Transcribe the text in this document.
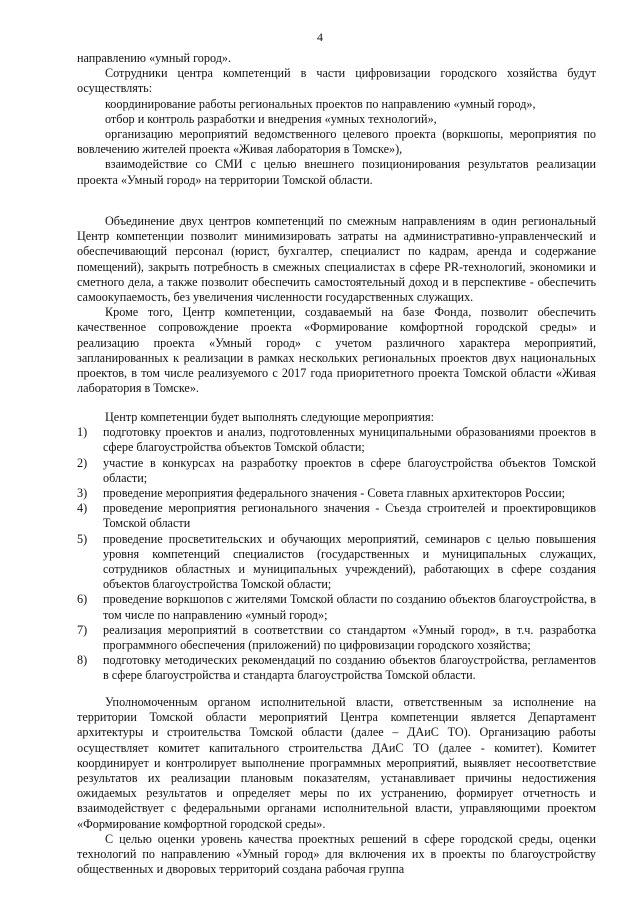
4

направлению «умный город».

Сотрудники центра компетенций в части цифровизации городского хозяйства будут осуществлять:

координирование работы региональных проектов по направлению «умный город»,

отбор и контроль разработки и внедрения «умных технологий»,

организацию мероприятий ведомственного целевого проекта (воркшопы, мероприятия по вовлечению жителей проекта «Живая лаборатория в Томске»),

взаимодействие со СМИ с целью внешнего позиционирования результатов реализации проекта «Умный город» на территории Томской области.

Объединение двух центров компетенций по смежным направлениям в один региональный Центр компетенции позволит минимизировать затраты на административно-управленческий и обеспечивающий персонал (юрист, бухгалтер, специалист по кадрам, аренда и содержание помещений), закрыть потребность в смежных специалистах в сфере PR-технологий, экономики и сметного дела, а также позволит обеспечить самостоятельный доход и в перспективе - обеспечить самоокупаемость, без увеличения численности государственных служащих.

Кроме того, Центр компетенции, создаваемый на базе Фонда, позволит обеспечить качественное сопровождение проекта «Формирование комфортной городской среды» и реализацию проекта «Умный город» с учетом различного характера мероприятий, запланированных к реализации в рамках нескольких региональных проектов двух национальных проектов, в том числе реализуемого с 2017 года приоритетного проекта Томской области «Живая лаборатория в Томске».

Центр компетенции будет выполнять следующие мероприятия:

1) подготовку проектов и анализ, подготовленных муниципальными образованиями проектов в сфере благоустройства объектов Томской области;
2) участие в конкурсах на разработку проектов в сфере благоустройства объектов Томской области;
3) проведение мероприятия федерального значения - Совета главных архитекторов России;
4) проведение мероприятия регионального значения - Съезда строителей и проектировщиков Томской области
5) проведение просветительских и обучающих мероприятий, семинаров с целью повышения уровня компетенций специалистов (государственных и муниципальных служащих, сотрудников областных и муниципальных учреждений), работающих в сфере создания объектов благоустройства Томской области;
6) проведение воркшопов с жителями Томской области по созданию объектов благоустройства, в том числе по направлению «умный город»;
7) реализация мероприятий в соответствии со стандартом «Умный город», в т.ч. разработка программного обеспечения (приложений) по цифровизации городского хозяйства;
8) подготовку методических рекомендаций по созданию объектов благоустройства, регламентов в сфере благоустройства и стандарта благоустройства Томской области.

Уполномоченным органом исполнительной власти, ответственным за исполнение на территории Томской области мероприятий Центра компетенции является Департамент архитектуры и строительства Томской области (далее – ДАиС ТО). Организацию работы осуществляет комитет капитального строительства ДАиС ТО (далее - комитет). Комитет координирует и контролирует выполнение программных мероприятий, выявляет несоответствие результатов их реализации плановым показателям, устанавливает причины недостижения ожидаемых результатов и определяет меры по их устранению, формирует отчетность и взаимодействует с федеральными органами исполнительной власти, управляющими проектом «Формирование комфортной городской среды».

С целью оценки уровень качества проектных решений в сфере городской среды, оценки технологий по направлению «Умный город» для включения их в проекты по благоустройству общественных и дворовых территорий создана рабочая группа
